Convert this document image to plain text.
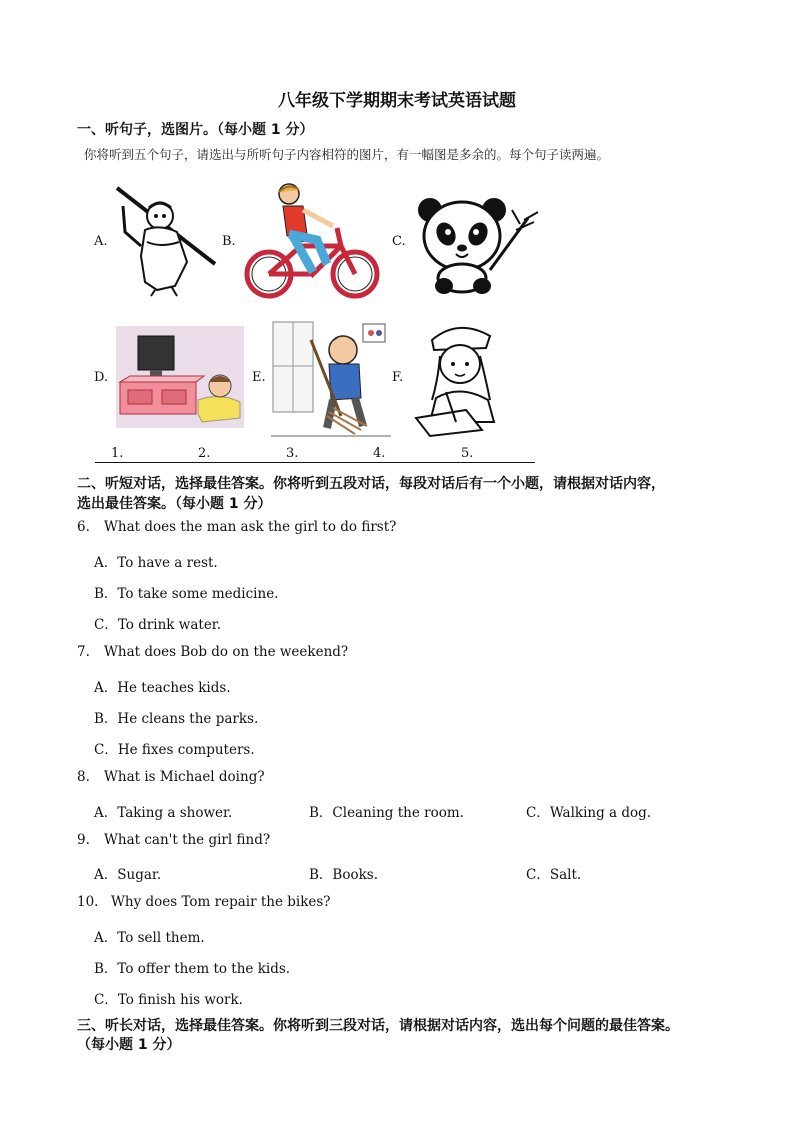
八年级下学期期末考试英语试题
一、听句子，选图片。（每小题 1 分）
你将听到五个句子，请选出与所听句子内容相符的图片，有一幅图是多余的。每个句子读两遍。
A.	B.	C.
D.	E.	F.
1.	2.	3.	4.	5.
二、听短对话，选择最佳答案。你将听到五段对话，每段对话后有一个小题，请根据对话内容，
选出最佳答案。（每小题 1 分）
6. What does the man ask the girl to do first?
A．To have a rest.
B．To take some medicine.
C．To drink water.
7. What does Bob do on the weekend?
A．He teaches kids.
B．He cleans the parks.
C．He fixes computers.
8. What is Michael doing?
A．Taking a shower.	B．Cleaning the room.	C．Walking a dog.
9. What can't the girl find?
A．Sugar.	B．Books.	C．Salt.
10. Why does Tom repair the bikes?
A．To sell them.
B．To offer them to the kids.
C．To finish his work.
三、听长对话，选择最佳答案。你将听到三段对话，请根据对话内容，选出每个问题的最佳答案。
（每小题 1 分）
